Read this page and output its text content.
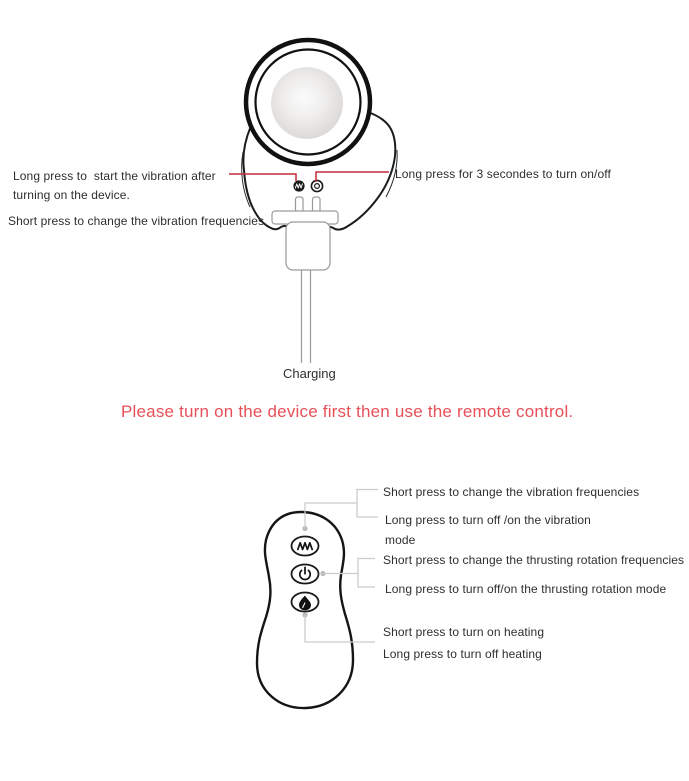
Long press to  start the vibration after
turning on the device.
Short press to change the vibration frequencies.
Long press for 3 secondes to turn on/off
Charging
Please turn on the device first then use the remote control.
Short press to change the vibration frequencies
Long press to turn off /on the vibration
mode
Short press to change the thrusting rotation frequencies
Long press to turn off/on the thrusting rotation mode
Short press to turn on heating
Long press to turn off heating
